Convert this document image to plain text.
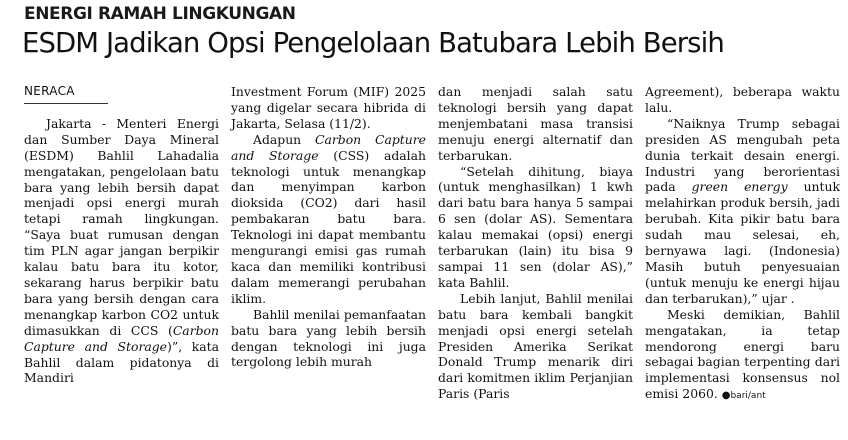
ENERGI RAMAH LINGKUNGAN
ESDM Jadikan Opsi Pengelolaan Batubara Lebih Bersih
NERACA

Jakarta - Menteri Energi dan Sumber Daya Mineral (ESDM) Bahlil Lahadalia mengatakan, pengelolaan batu bara yang lebih bersih dapat menjadi opsi energi murah tetapi ramah lingkungan. “Saya buat rumusan dengan tim PLN agar jangan berpikir kalau batu bara itu kotor, sekarang harus berpikir batu bara yang bersih dengan cara menangkap karbon CO2 untuk dimasukkan di CCS (Carbon Capture and Storage)”, kata Bahlil dalam pidatonya di Mandiri

Investment Forum (MIF) 2025 yang digelar secara hibrida di Jakarta, Selasa (11/2).

Adapun Carbon Capture and Storage (CSS) adalah teknologi untuk menangkap dan menyimpan karbon dioksida (CO2) dari hasil pembakaran batu bara. Teknologi ini dapat membantu mengurangi emisi gas rumah kaca dan memiliki kontribusi dalam memerangi perubahan iklim.

Bahlil menilai pemanfaatan batu bara yang lebih bersih dengan teknologi ini juga tergolong lebih murah

dan menjadi salah satu teknologi bersih yang dapat menjembatani masa transisi menuju energi alternatif dan terbarukan.

“Setelah dihitung, biaya (untuk menghasilkan) 1 kwh dari batu bara hanya 5 sampai 6 sen (dolar AS). Sementara kalau memakai (opsi) energi terbarukan (lain) itu bisa 9 sampai 11 sen (dolar AS),” kata Bahlil.

Lebih lanjut, Bahlil menilai batu bara kembali bangkit menjadi opsi energi setelah Presiden Amerika Serikat Donald Trump menarik diri dari komitmen iklim Perjanjian Paris (Paris

Agreement), beberapa waktu lalu.

“Naiknya Trump sebagai presiden AS mengubah peta dunia terkait desain energi. Industri yang berorientasi pada green energy untuk melahirkan produk bersih, jadi berubah. Kita pikir batu bara sudah mau selesai, eh, bernyawa lagi. (Indonesia) Masih butuh penyesuaian (untuk menuju ke energi hijau dan terbarukan),” ujar .

Meski demikian, Bahlil mengatakan, ia tetap mendorong energi baru sebagai bagian terpenting dari implementasi konsensus nol emisi 2060. ●bari/ant
